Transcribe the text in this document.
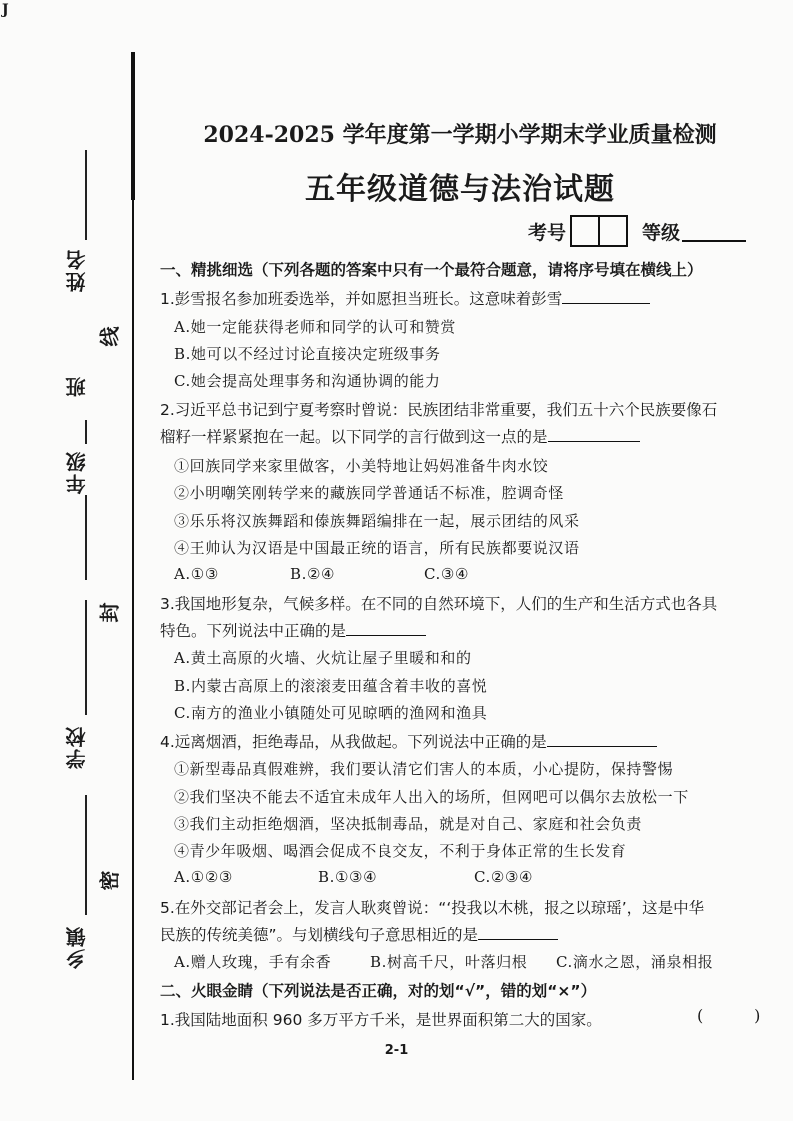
J
姓名
年级
班
学校
乡镇
线
封
密
2024-2025 学年度第一学期小学期末学业质量检测
五年级道德与法治试题
考号	等级
一、精挑细选（下列各题的答案中只有一个最符合题意，请将序号填在横线上）
1.彭雪报名参加班委选举，并如愿担当班长。这意味着彭雪
A.她一定能获得老师和同学的认可和赞赏
B.她可以不经过讨论直接决定班级事务
C.她会提高处理事务和沟通协调的能力
2.习近平总书记到宁夏考察时曾说：民族团结非常重要，我们五十六个民族要像石
榴籽一样紧紧抱在一起。以下同学的言行做到这一点的是
①回族同学来家里做客，小美特地让妈妈准备牛肉水饺
②小明嘲笑刚转学来的藏族同学普通话不标准，腔调奇怪
③乐乐将汉族舞蹈和傣族舞蹈编排在一起，展示团结的风采
④王帅认为汉语是中国最正统的语言，所有民族都要说汉语
A.①③	B.②④	C.③④
3.我国地形复杂，气候多样。在不同的自然环境下，人们的生产和生活方式也各具
特色。下列说法中正确的是
A.黄土高原的火墙、火炕让屋子里暖和和的
B.内蒙古高原上的滚滚麦田蕴含着丰收的喜悦
C.南方的渔业小镇随处可见晾晒的渔网和渔具
4.远离烟酒，拒绝毒品，从我做起。下列说法中正确的是
①新型毒品真假难辨，我们要认清它们害人的本质，小心提防，保持警惕
②我们坚决不能去不适宜未成年人出入的场所，但网吧可以偶尔去放松一下
③我们主动拒绝烟酒，坚决抵制毒品，就是对自己、家庭和社会负责
④青少年吸烟、喝酒会促成不良交友，不利于身体正常的生长发育
A.①②③	B.①③④	C.②③④
5.在外交部记者会上，发言人耿爽曾说：“‘投我以木桃，报之以琼瑶’，这是中华
民族的传统美德”。与划横线句子意思相近的是
A.赠人玫瑰，手有余香	B.树高千尺，叶落归根 C.滴水之恩，涌泉相报
二、火眼金睛（下列说法是否正确，对的划“√”，错的划“×”）
1.我国陆地面积 960 多万平方千米，是世界面积第二大的国家。	(          )
2-1
